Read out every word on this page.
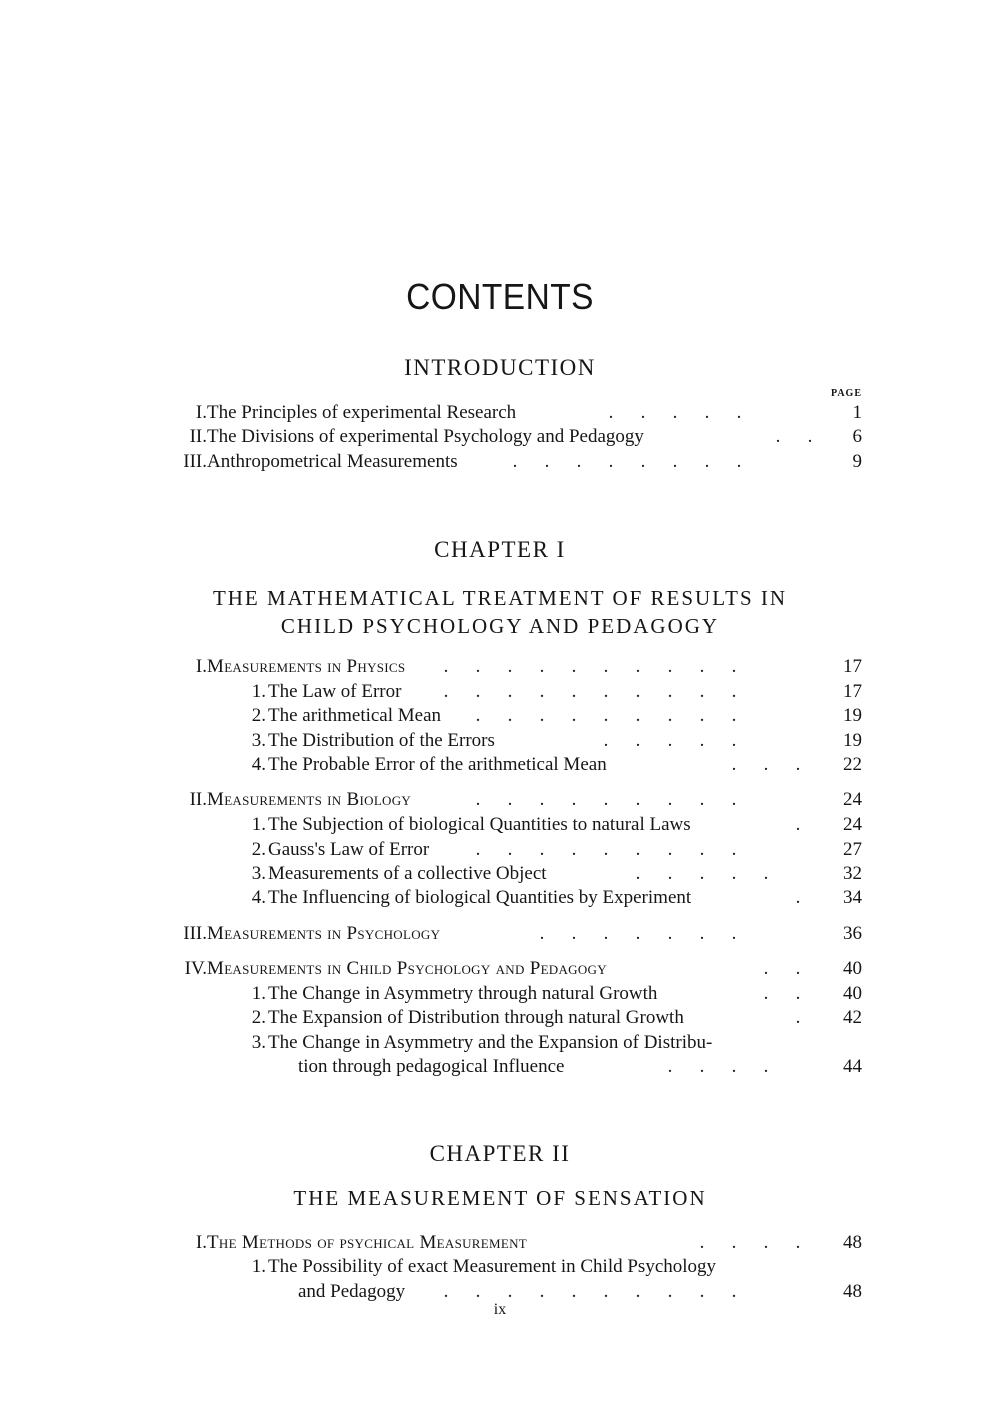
CONTENTS
INTRODUCTION
PAGE
I. The Principles of experimental Research	. . . . .	1
II. The Divisions of experimental Psychology and Pedagogy	. .	6
III. Anthropometrical Measurements	. . . . . . . .	9
CHAPTER I
THE MATHEMATICAL TREATMENT OF RESULTS IN
CHILD PSYCHOLOGY AND PEDAGOGY
I. Measurements in Physics	. . . . . . . . . .	17
1. The Law of Error	. . . . . . . . . .	17
2. The arithmetical Mean	. . . . . . . . .	19
3. The Distribution of the Errors	. . . . .	19
4. The Probable Error of the arithmetical Mean	. . .	22
II. Measurements in Biology	. . . . . . . . .	24
1. The Subjection of biological Quantities to natural Laws	.	24
2. Gauss's Law of Error	. . . . . . . . .	27
3. Measurements of a collective Object	. . . . .	32
4. The Influencing of biological Quantities by Experiment	.	34
III. Measurements in Psychology	. . . . . . .	36
IV. Measurements in Child Psychology and Pedagogy	. .	40
1. The Change in Asymmetry through natural Growth	. .	40
2. The Expansion of Distribution through natural Growth	.	42
3. The Change in Asymmetry and the Expansion of Distribu-
tion through pedagogical Influence	. . . .	44
CHAPTER II
THE MEASUREMENT OF SENSATION
I. The Methods of psychical Measurement	. . . .	48
1. The Possibility of exact Measurement in Child Psychology
and Pedagogy	. . . . . . . . . .	48
ix
